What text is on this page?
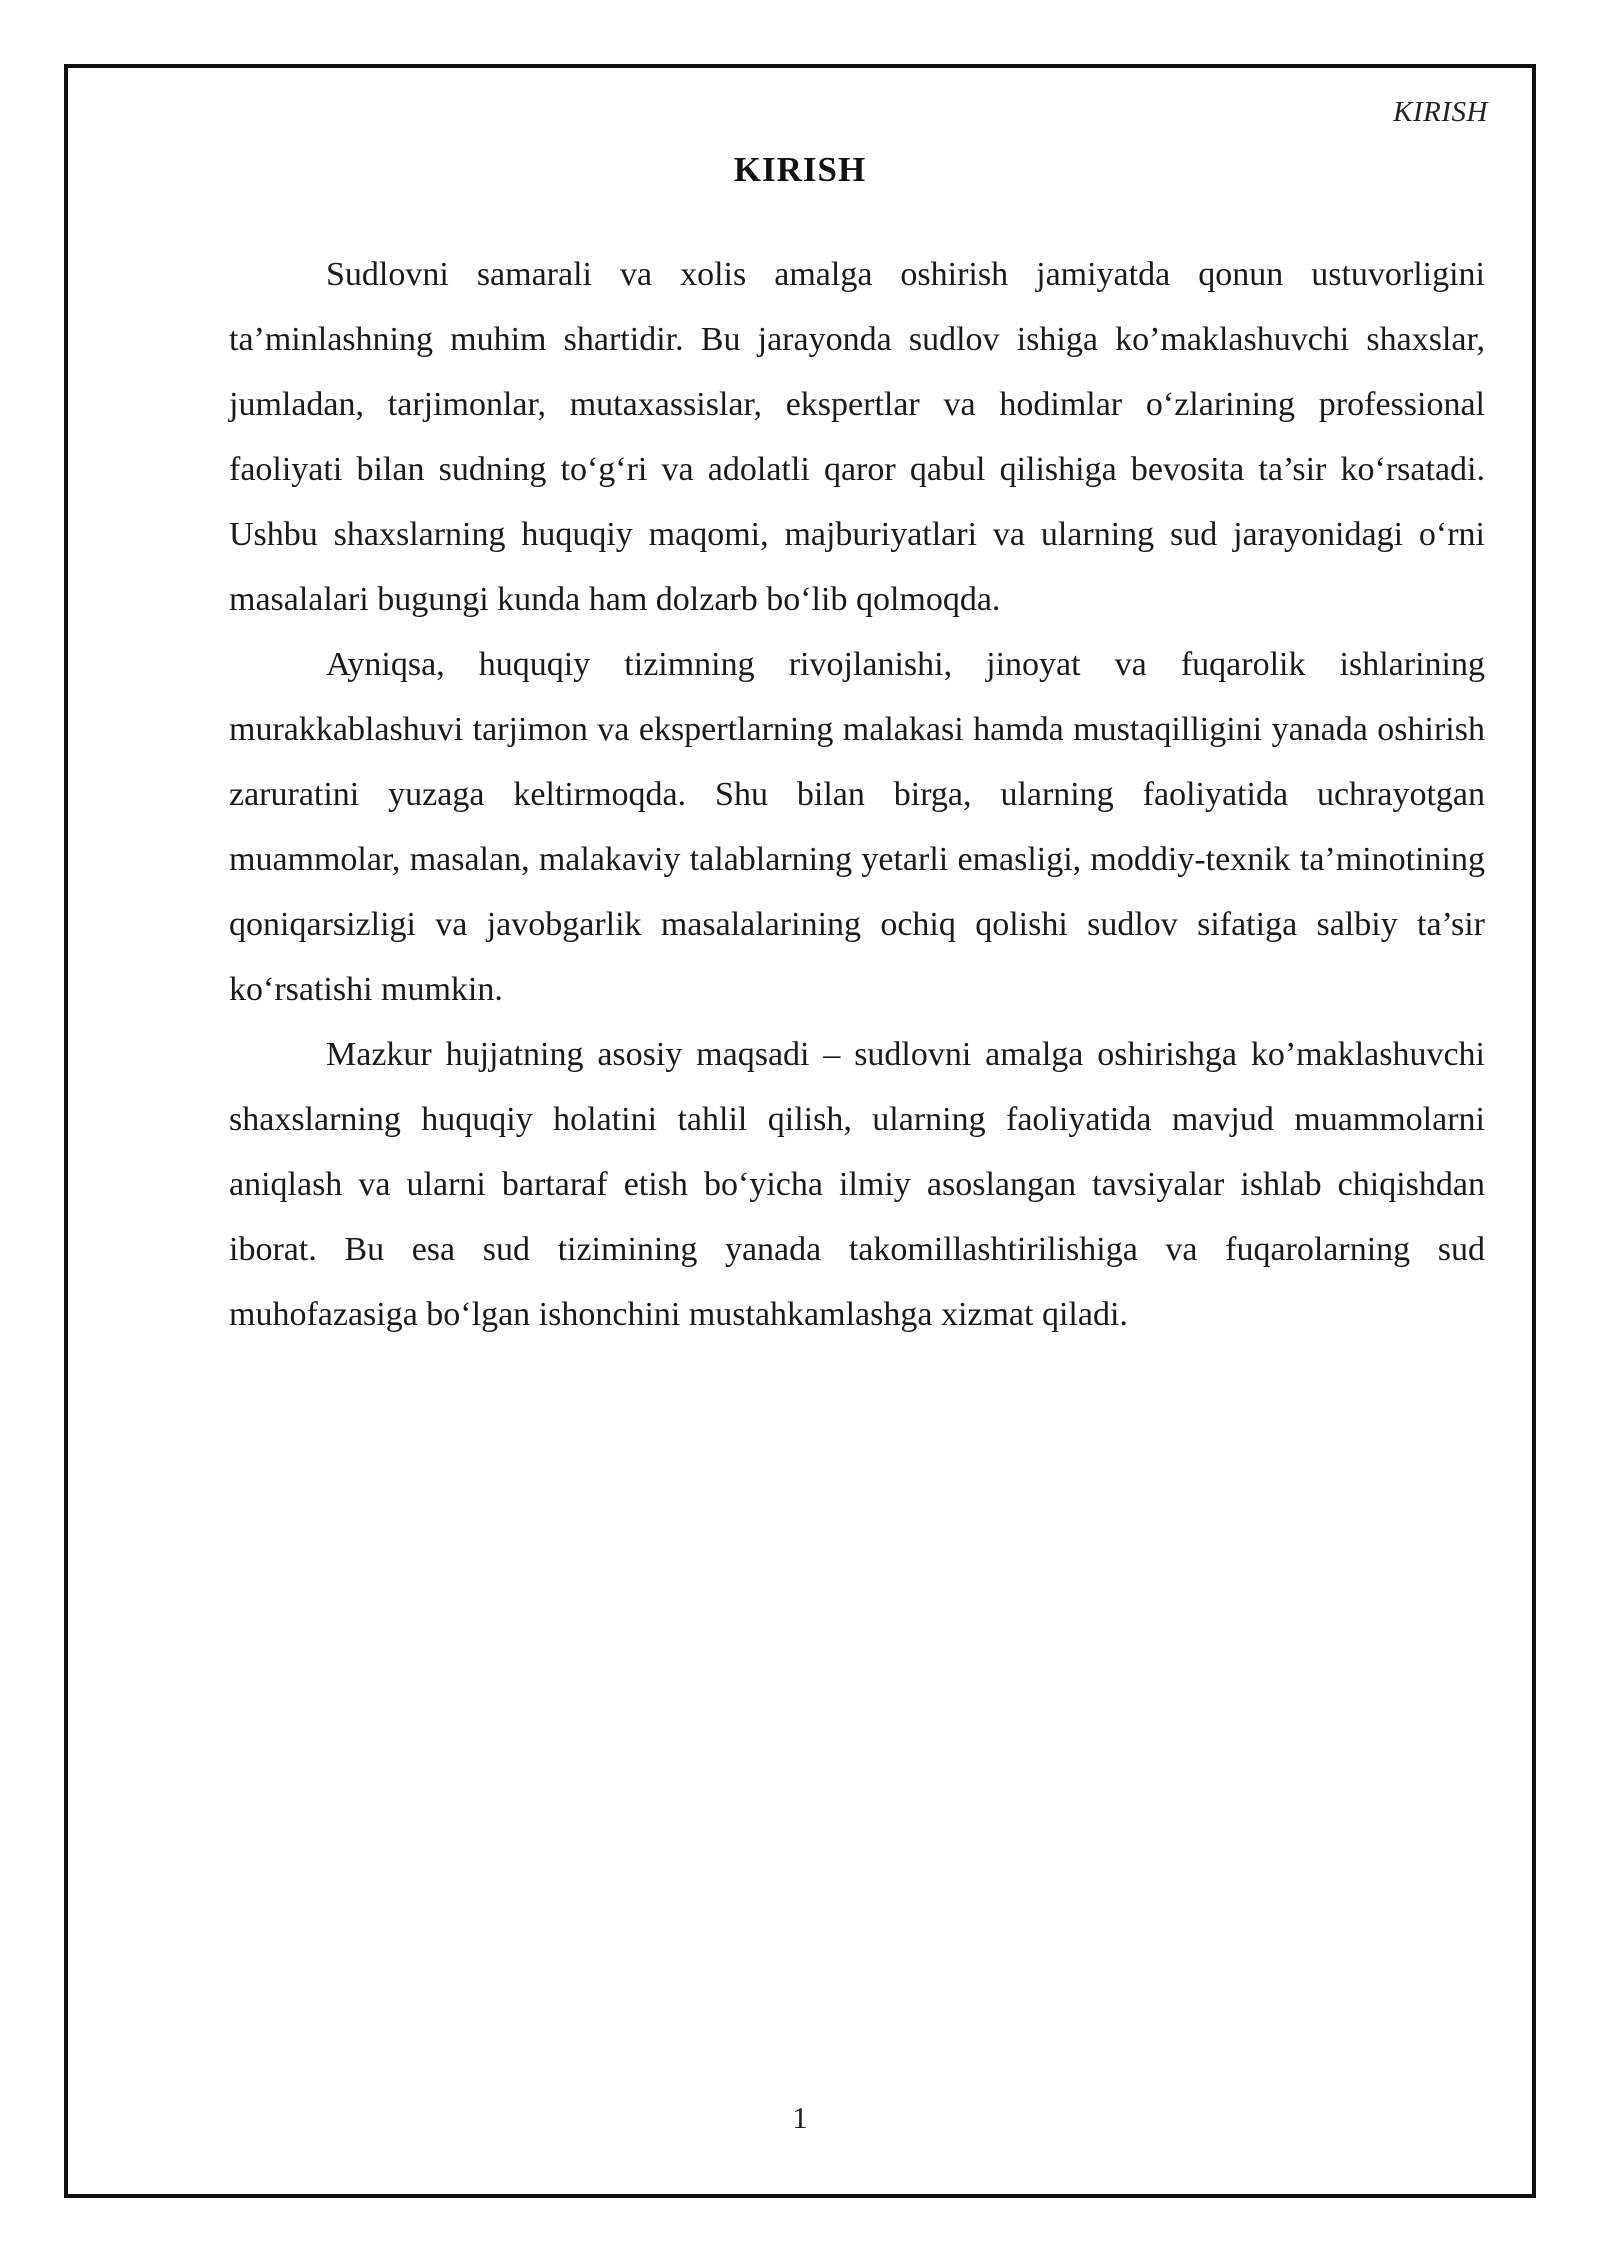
KIRISH
KIRISH

Sudlovni samarali va xolis amalga oshirish jamiyatda qonun ustuvorligini ta’minlashning muhim shartidir. Bu jarayonda sudlov ishiga ko’maklashuvchi shaxslar, jumladan, tarjimonlar, mutaxassislar, ekspertlar va hodimlar o‘zlarining professional faoliyati bilan sudning to‘g‘ri va adolatli qaror qabul qilishiga bevosita ta’sir ko‘rsatadi. Ushbu shaxslarning huquqiy maqomi, majburiyatlari va ularning sud jarayonidagi o‘rni masalalari bugungi kunda ham dolzarb bo‘lib qolmoqda.

Ayniqsa, huquqiy tizimning rivojlanishi, jinoyat va fuqarolik ishlarining murakkablashuvi tarjimon va ekspertlarning malakasi hamda mustaqilligini yanada oshirish zaruratini yuzaga keltirmoqda. Shu bilan birga, ularning faoliyatida uchrayotgan muammolar, masalan, malakaviy talablarning yetarli emasligi, moddiy-texnik ta’minotining qoniqarsizligi va javobgarlik masalalarining ochiq qolishi sudlov sifatiga salbiy ta’sir ko‘rsatishi mumkin.

Mazkur hujjatning asosiy maqsadi – sudlovni amalga oshirishga ko’maklashuvchi shaxslarning huquqiy holatini tahlil qilish, ularning faoliyatida mavjud muammolarni aniqlash va ularni bartaraf etish bo‘yicha ilmiy asoslangan tavsiyalar ishlab chiqishdan iborat. Bu esa sud tizimining yanada takomillashtirilishiga va fuqarolarning sud muhofazasiga bo‘lgan ishonchini mustahkamlashga xizmat qiladi.

1
